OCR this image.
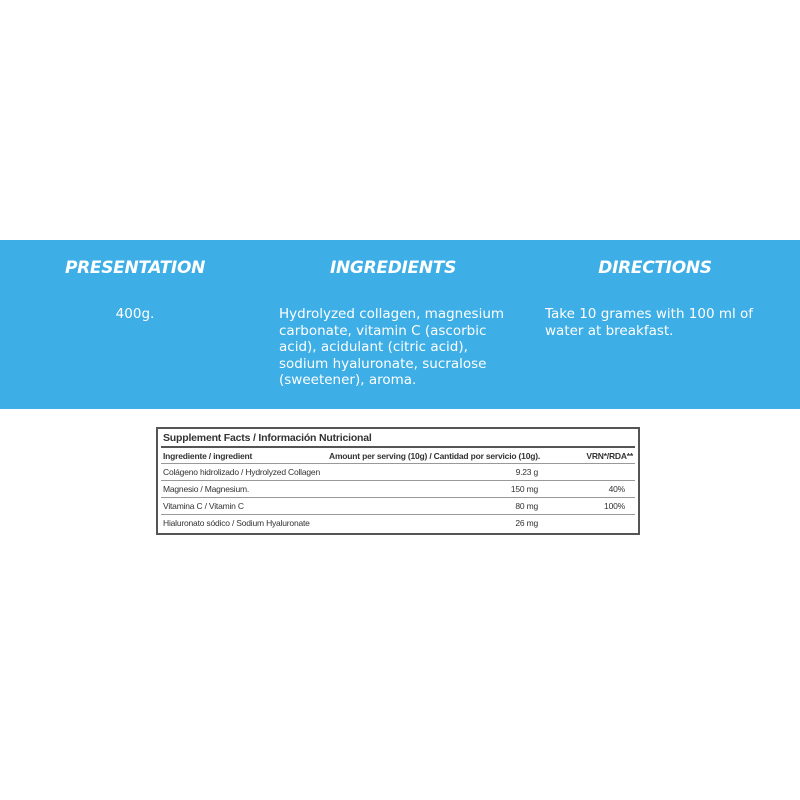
PRESENTATION
400g.
INGREDIENTS
Hydrolyzed collagen, magnesium carbonate, vitamin C (ascorbic acid), acidulant (citric acid), sodium hyaluronate, sucralose (sweetener), aroma.
DIRECTIONS
Take 10 grames with 100 ml of water at breakfast.
Supplement Facts / Información Nutricional
Ingrediente / ingredient	Amount per serving (10g) / Cantidad por servicio (10g).	VRN*/RDA**
Colágeno hidrolizado / Hydrolyzed Collagen	9.23 g
Magnesio / Magnesium.	150 mg	40%
Vitamina C / Vitamin C	80 mg	100%
Hialuronato sódico / Sodium Hyaluronate	26 mg
